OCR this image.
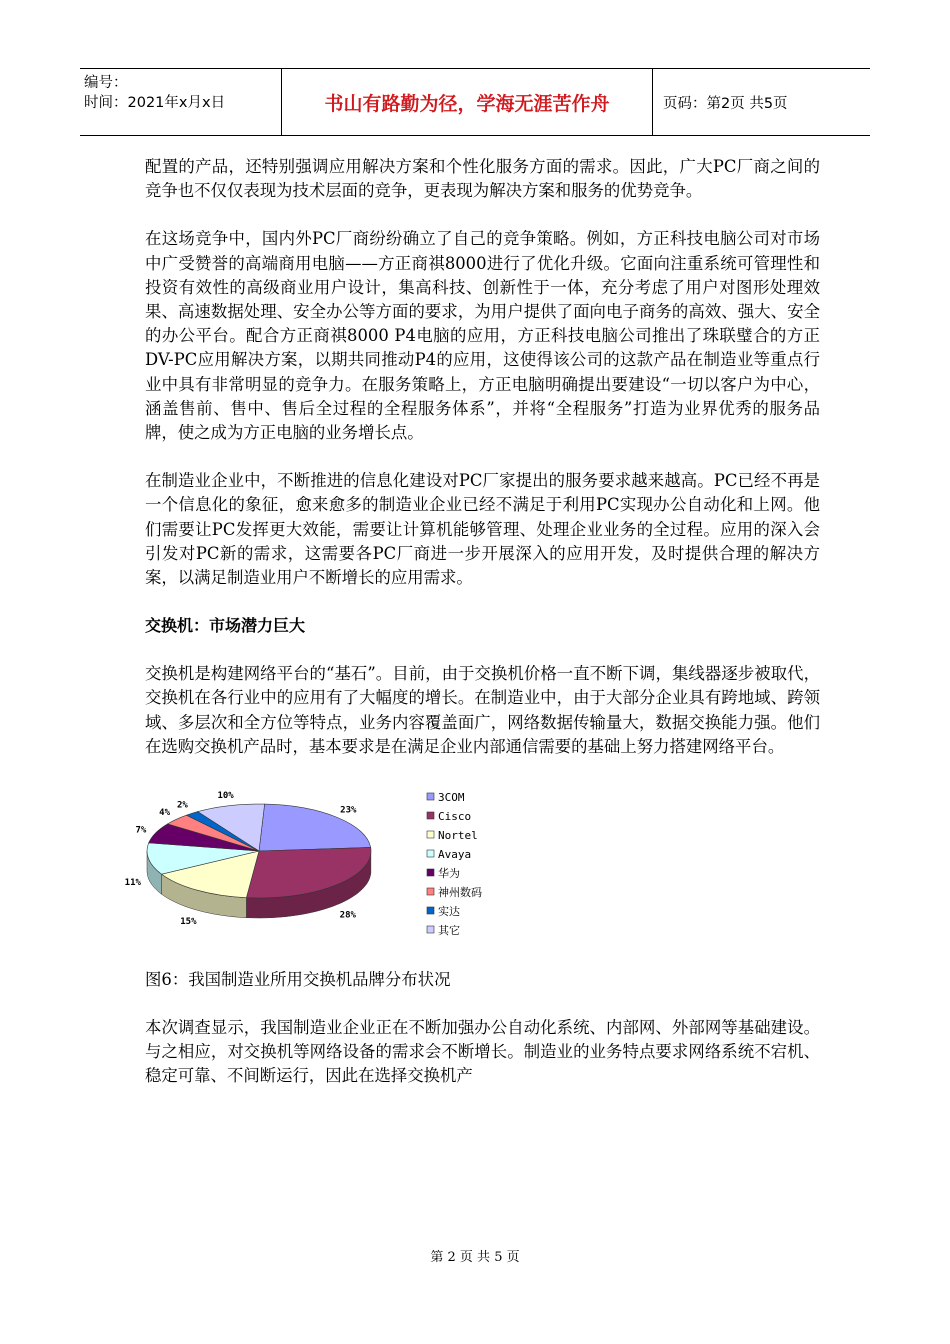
编号：
时间：2021年x月x日	书山有路勤为径，学海无涯苦作舟	页码：第2页 共5页

配置的产品，还特别强调应用解决方案和个性化服务方面的需求。因此，广大PC厂商之间的竞争也不仅仅表现为技术层面的竞争，更表现为解决方案和服务的优势竞争。

在这场竞争中，国内外PC厂商纷纷确立了自己的竞争策略。例如，方正科技电脑公司对市场中广受赞誉的高端商用电脑——方正商祺8000进行了优化升级。它面向注重系统可管理性和投资有效性的高级商业用户设计，集高科技、创新性于一体，充分考虑了用户对图形处理效果、高速数据处理、安全办公等方面的要求，为用户提供了面向电子商务的高效、强大、安全的办公平台。配合方正商祺8000 P4电脑的应用，方正科技电脑公司推出了珠联璧合的方正DV-PC应用解决方案，以期共同推动P4的应用，这使得该公司的这款产品在制造业等重点行业中具有非常明显的竞争力。在服务策略上，方正电脑明确提出要建设“一切以客户为中心，涵盖售前、售中、售后全过程的全程服务体系”，并将“全程服务”打造为业界优秀的服务品牌，使之成为方正电脑的业务增长点。

在制造业企业中，不断推进的信息化建设对PC厂家提出的服务要求越来越高。PC已经不再是一个信息化的象征，愈来愈多的制造业企业已经不满足于利用PC实现办公自动化和上网。他们需要让PC发挥更大效能，需要让计算机能够管理、处理企业业务的全过程。应用的深入会引发对PC新的需求，这需要各PC厂商进一步开展深入的应用开发，及时提供合理的解决方案，以满足制造业用户不断增长的应用需求。

交换机：市场潜力巨大

交换机是构建网络平台的“基石”。目前，由于交换机价格一直不断下调，集线器逐步被取代，交换机在各行业中的应用有了大幅度的增长。在制造业中，由于大部分企业具有跨地域、跨领域、多层次和全方位等特点，业务内容覆盖面广，网络数据传输量大，数据交换能力强。他们在选购交换机产品时，基本要求是在满足企业内部通信需要的基础上努力搭建网络平台。

23%
28%
15%
11%
7%
4%
2%
10%	3COM
Cisco
Nortel
Avaya
华为
神州数码
实达
其它
图6：我国制造业所用交换机品牌分布状况

本次调查显示，我国制造业企业正在不断加强办公自动化系统、内部网、外部网等基础建设。与之相应，对交换机等网络设备的需求会不断增长。制造业的业务特点要求网络系统不宕机、稳定可靠、不间断运行，因此在选择交换机产

第 2 页 共 5 页
